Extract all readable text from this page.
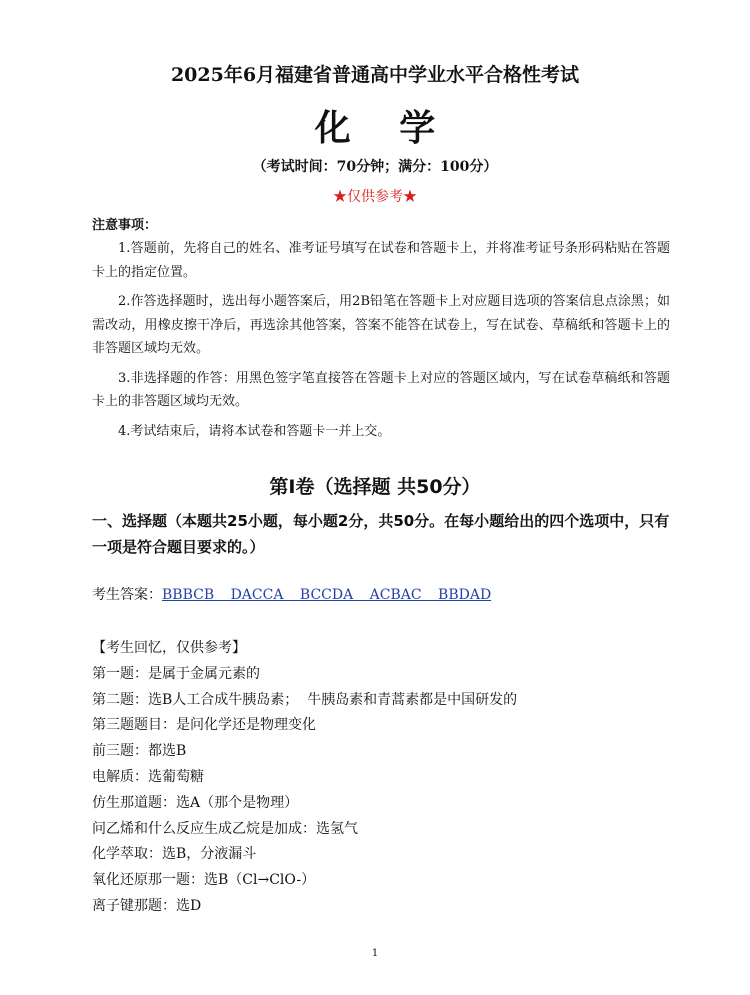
2025年6月福建省普通高中学业水平合格性考试
化 学
（考试时间：70分钟；满分：100分）
★仅供参考★
注意事项：

1.答题前，先将自己的姓名、准考证号填写在试卷和答题卡上，并将准考证号条形码粘贴在答题卡上的指定位置。

2.作答选择题时，选出每小题答案后，用2B铅笔在答题卡上对应题目选项的答案信息点涂黑；如需改动，用橡皮擦干净后，再选涂其他答案，答案不能答在试卷上，写在试卷、草稿纸和答题卡上的非答题区域均无效。

3.非选择题的作答：用黑色签字笔直接答在答题卡上对应的答题区域内，写在试卷草稿纸和答题卡上的非答题区域均无效。

4.考试结束后，请将本试卷和答题卡一并上交。

第Ⅰ卷（选择题 共50分）
一、选择题（本题共25小题，每小题2分，共50分。在每小题给出的四个选项中，只有一项是符合题目要求的。）
考生答案：BBBCB DACCA BCCDA ACBAC BBDAD
【考生回忆，仅供参考】
第一题：是属于金属元素的
第二题：选B人工合成牛胰岛素；  牛胰岛素和青蒿素都是中国研发的
第三题题目：是问化学还是物理变化
前三题：都选B
电解质：选葡萄糖
仿生那道题：选A（那个是物理）
问乙烯和什么反应生成乙烷是加成：选氢气
化学萃取：选B，分液漏斗
氧化还原那一题：选B（Cl→ClO-）
离子键那题：选D
1
